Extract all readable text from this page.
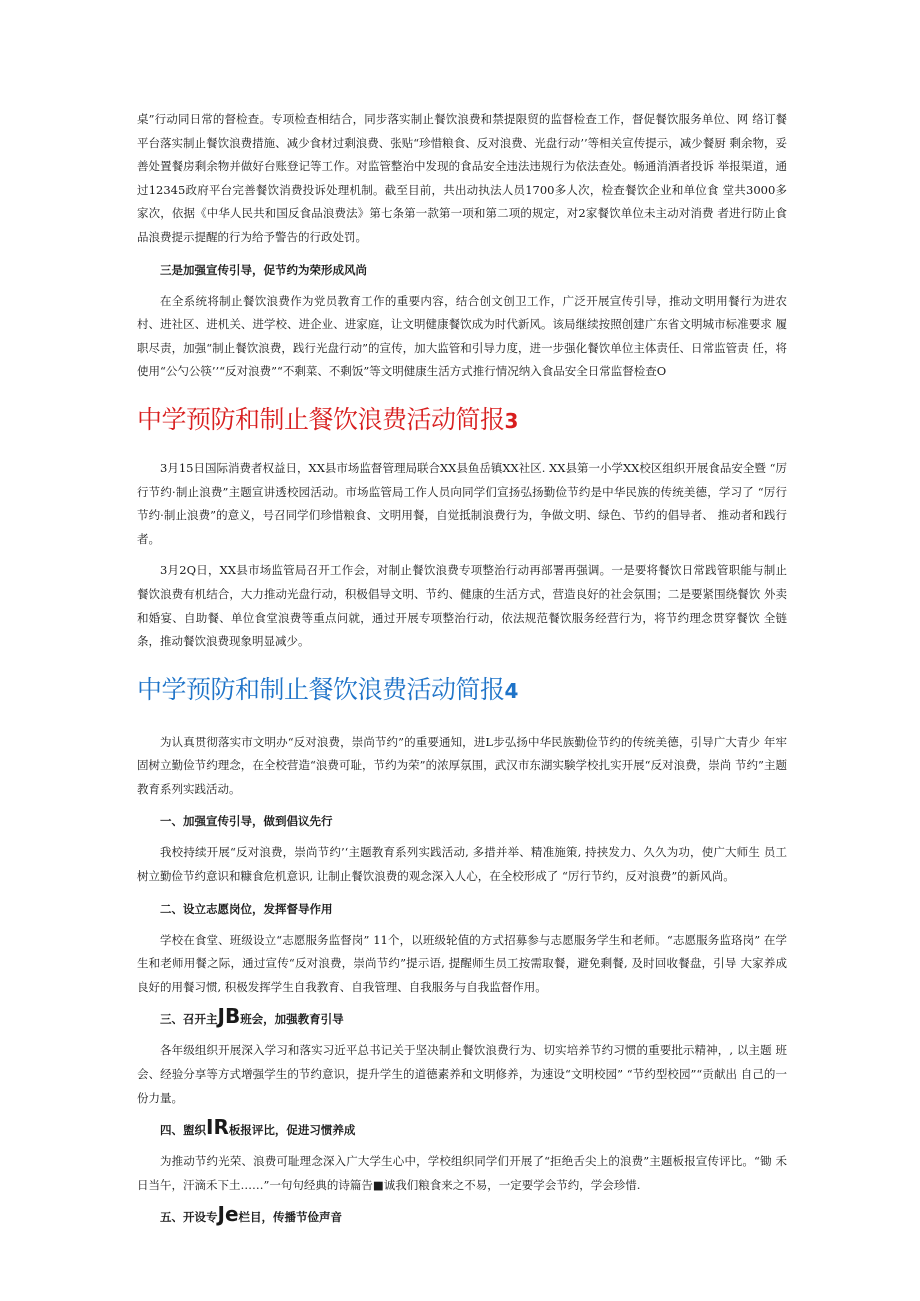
桌”行动同日常的督检查。专项检查相结合，同步落实制止餐饮浪费和禁提限贸的监督检查工作，督促餐饮服务单位、网 络订餐平台落实制止餐饮浪费措施、减少食材过剩浪费、张贴“珍惜粮食、反对浪费、光盘行动’’等相关宣传提示，减少餐厨 剩余物，妥善处置餐房剩余物并做好台账登记等工作。对监管整治中发现的食品安全违法违规行为依法查处。畅通消酒者投诉 举报渠道，通过12345政府平台完善餐饮消费投诉处理机制。截至目前，共出动执法人员1700多人次，检查餐饮企业和单位食 堂共3000多家次，依据《中华人民共和国反食品浪费法》第七条第一款第一项和第二项的规定，对2家餐饮单位未主动对消费 者进行防止食品浪费提示提醒的行为给予警告的行政处罚。

三是加强宣传引导，促节约为荣形成风尚

在全系统将制止餐饮浪费作为党员教育工作的重要内容，结合创文创卫工作，广泛开展宣传引导，推动文明用餐行为进农 村、进社区、进机关、进学校、进企业、进家庭，让文明健康餐饮成为时代新风。该局继续按照创建广东省文明城市标准要求 履职尽责，加强“制止餐饮浪费，践行光盘行动”的宣传，加大监管和引导力度，进一步强化餐饮单位主体责任、日常监管责 任，将使用“公勺公筷’’“反对浪费”“不剩菜、不剩饭”等文明健康生活方式推行情况纳入食品安全日常监督检查O

中学预防和制止餐饮浪费活动简报3

3月15日国际消费者权益日，XX县市场监督管理局联合XX县鱼岳镇XX社区. XX县第一小学XX校区组织开展食品安全暨 “厉行节约·制止浪费”主题宣讲透校园活动。市场监管局工作人员向同学们宣扬弘扬勤俭节约是中华民族的传统美德，学习了 “厉行节约·制止浪费”的意义，号召同学们珍惜粮食、文明用餐，自觉抵制浪费行为，争做文明、绿色、节约的倡导者、 推动者和践行者。

3月2Q日，XX县市场监管局召开工作会，对制止餐饮浪费专项整治行动再部署再强调。一是要将餐饮日常践管职能与制止 餐饮浪费有机结合，大力推动光盘行动，积极倡导文明、节约、健康的生活方式，营造良好的社会氛围；二是要紧围绕餐饮 外卖和婚宴、自助餐、单位食堂浪费等重点问就，通过开展专项整治行动，依法规范餐饮服务经营行为，将节约理念贯穿餐饮 全链条，推动餐饮浪费现象明显减少。

中学预防和制止餐饮浪费活动简报4

为认真贯彻落实市文明办“反对浪费，崇尚节约”的重要通知，进L步弘扬中华民族勤俭节约的传统美德，引导广大青少 年牢固树立勤俭节约理念，在全校营造“浪费可耻，节约为荣”的浓厚氛围，武汉市东湖实験学校扎实开展“反对浪费，崇尚 节约”主题教育系列实践活动。

一、加强宣传引导，做到倡议先行

我校持续开展“反对浪费，崇尚节约’‘主题教育系列实践活动, 多措并举、精准施策, 持挟发力、久久为功，使广大师生 员工树立勤俭节约意识和糠食危机意识, 让制止餐饮浪费的观念深入人心，在全校形成了 “厉行节约，反对浪费”的新风尚。

二、设立志愿岗位，发挥督导作用

学校在食堂、班级设立“志愿服务监督岗” 11个，以班级轮值的方式招募参与志愿服务学生和老师。“志愿服务监珞岗” 在学生和老师用餐之际，通过宣传“反对浪费，崇尚节约”提示语, 提醒师生员工按需取餐，避免剩餐, 及时回收餐盘，引导 大家养成良好的用餐习惯, 积极发挥学生自我教育、自我管理、自我服务与自我监督作用。

三、召开主JB班会，加强教育引导

各年级组织开展深入学习和落实习近平总书记关于坚决制止餐饮浪费行为、切实培养节约习惯的重要批示精神，, 以主题 班会、经验分享等方式增强学生的节约意识，提升学生的道德素养和文明修养，为速设“文明校园” “节约型校园”“贡献出 自己的一份力量。

四、盥织IR板报评比，促进习惯养成

为推动节约光荣、浪费可耻理念深入广大学生心中，学校组织同学们开展了“拒绝舌尖上的浪费”主题板报宣传评比。“锄 禾日当午，汗滴禾下土……”一句句经典的诗篇告■诚我们粮食来之不易，一定要学会节约，学会珍惜.

五、开设专Je栏目，传播节俭声音
